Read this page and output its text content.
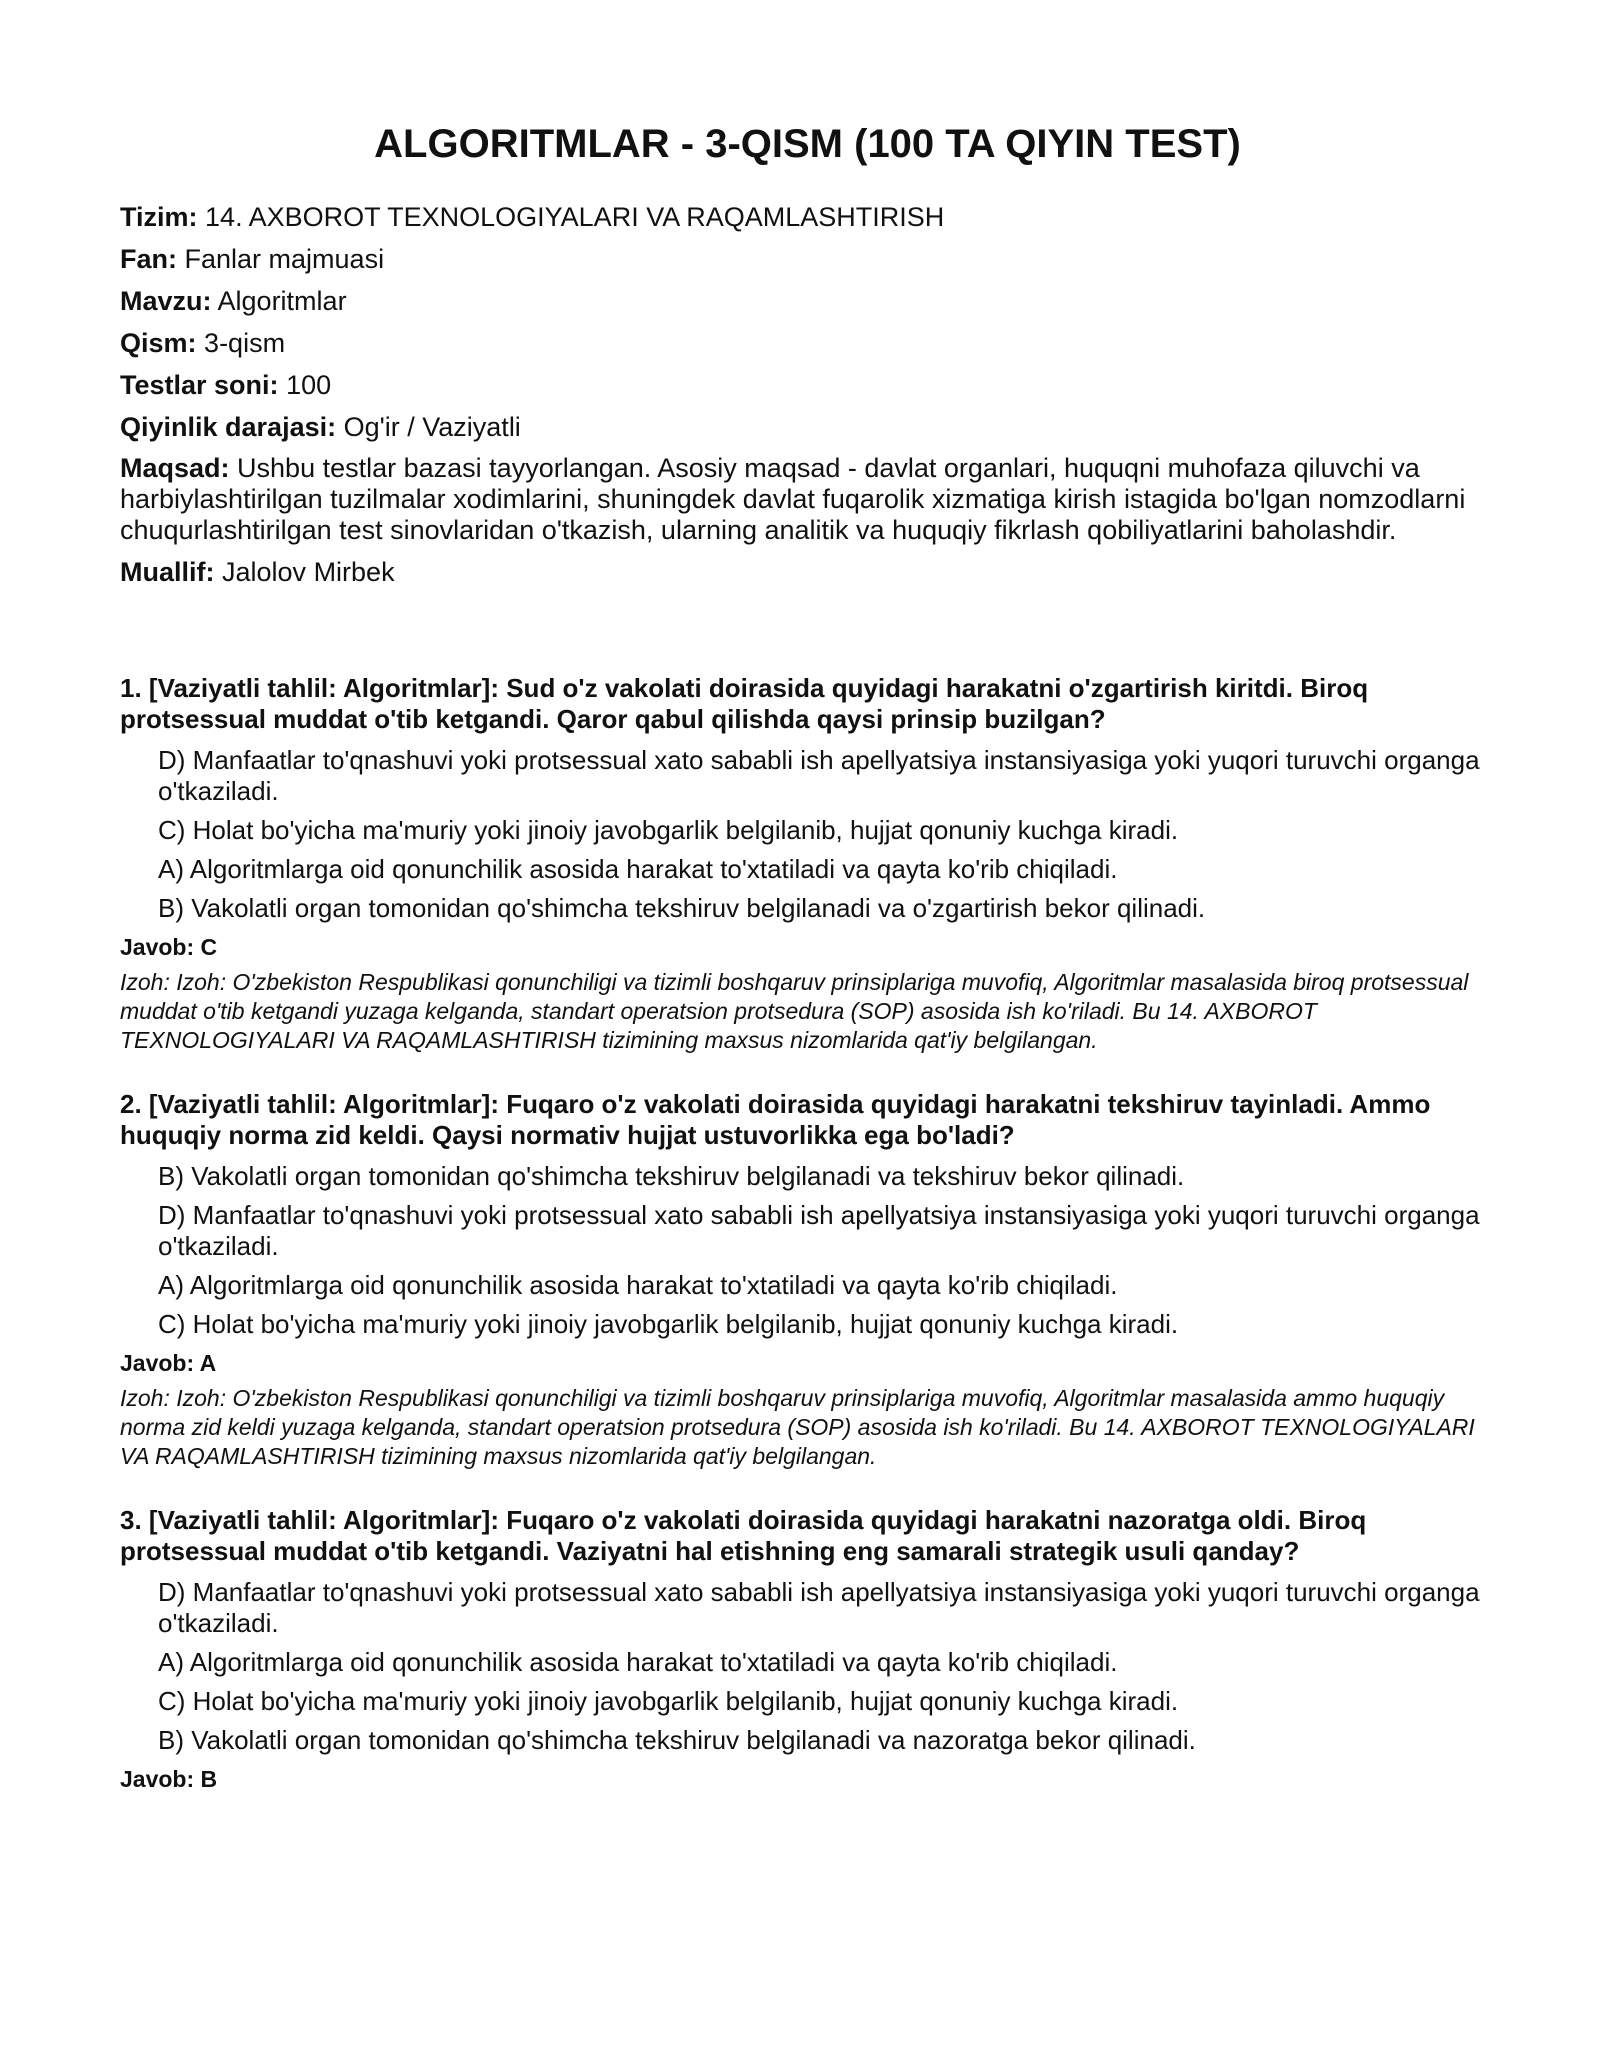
ALGORITMLAR - 3-QISM (100 TA QIYIN TEST)
Tizim: 14. AXBOROT TEXNOLOGIYALARI VA RAQAMLASHTIRISH
Fan: Fanlar majmuasi
Mavzu: Algoritmlar
Qism: 3-qism
Testlar soni: 100
Qiyinlik darajasi: Og'ir / Vaziyatli
Maqsad: Ushbu testlar bazasi tayyorlangan. Asosiy maqsad - davlat organlari, huquqni muhofaza qiluvchi va harbiylashtirilgan tuzilmalar xodimlarini, shuningdek davlat fuqarolik xizmatiga kirish istagida bo'lgan nomzodlarni chuqurlashtirilgan test sinovlaridan o'tkazish, ularning analitik va huquqiy fikrlash qobiliyatlarini baholashdir.
Muallif: Jalolov Mirbek
1. [Vaziyatli tahlil: Algoritmlar]: Sud o'z vakolati doirasida quyidagi harakatni o'zgartirish kiritdi. Biroq protsessual muddat o'tib ketgandi. Qaror qabul qilishda qaysi prinsip buzilgan?
D) Manfaatlar to'qnashuvi yoki protsessual xato sababli ish apellyatsiya instansiyasiga yoki yuqori turuvchi organga o'tkaziladi.
C) Holat bo'yicha ma'muriy yoki jinoiy javobgarlik belgilanib, hujjat qonuniy kuchga kiradi.
A) Algoritmlarga oid qonunchilik asosida harakat to'xtatiladi va qayta ko'rib chiqiladi.
B) Vakolatli organ tomonidan qo'shimcha tekshiruv belgilanadi va o'zgartirish bekor qilinadi.
Javob: C
Izoh: Izoh: O'zbekiston Respublikasi qonunchiligi va tizimli boshqaruv prinsiplariga muvofiq, Algoritmlar masalasida biroq protsessual muddat o'tib ketgandi yuzaga kelganda, standart operatsion protsedura (SOP) asosida ish ko'riladi. Bu 14. AXBOROT TEXNOLOGIYALARI VA RAQAMLASHTIRISH tizimining maxsus nizomlarida qat'iy belgilangan.
2. [Vaziyatli tahlil: Algoritmlar]: Fuqaro o'z vakolati doirasida quyidagi harakatni tekshiruv tayinladi. Ammo huquqiy norma zid keldi. Qaysi normativ hujjat ustuvorlikka ega bo'ladi?
B) Vakolatli organ tomonidan qo'shimcha tekshiruv belgilanadi va tekshiruv bekor qilinadi.
D) Manfaatlar to'qnashuvi yoki protsessual xato sababli ish apellyatsiya instansiyasiga yoki yuqori turuvchi organga o'tkaziladi.
A) Algoritmlarga oid qonunchilik asosida harakat to'xtatiladi va qayta ko'rib chiqiladi.
C) Holat bo'yicha ma'muriy yoki jinoiy javobgarlik belgilanib, hujjat qonuniy kuchga kiradi.
Javob: A
Izoh: Izoh: O'zbekiston Respublikasi qonunchiligi va tizimli boshqaruv prinsiplariga muvofiq, Algoritmlar masalasida ammo huquqiy norma zid keldi yuzaga kelganda, standart operatsion protsedura (SOP) asosida ish ko'riladi. Bu 14. AXBOROT TEXNOLOGIYALARI VA RAQAMLASHTIRISH tizimining maxsus nizomlarida qat'iy belgilangan.
3. [Vaziyatli tahlil: Algoritmlar]: Fuqaro o'z vakolati doirasida quyidagi harakatni nazoratga oldi. Biroq protsessual muddat o'tib ketgandi. Vaziyatni hal etishning eng samarali strategik usuli qanday?
D) Manfaatlar to'qnashuvi yoki protsessual xato sababli ish apellyatsiya instansiyasiga yoki yuqori turuvchi organga o'tkaziladi.
A) Algoritmlarga oid qonunchilik asosida harakat to'xtatiladi va qayta ko'rib chiqiladi.
C) Holat bo'yicha ma'muriy yoki jinoiy javobgarlik belgilanib, hujjat qonuniy kuchga kiradi.
B) Vakolatli organ tomonidan qo'shimcha tekshiruv belgilanadi va nazoratga bekor qilinadi.
Javob: B
